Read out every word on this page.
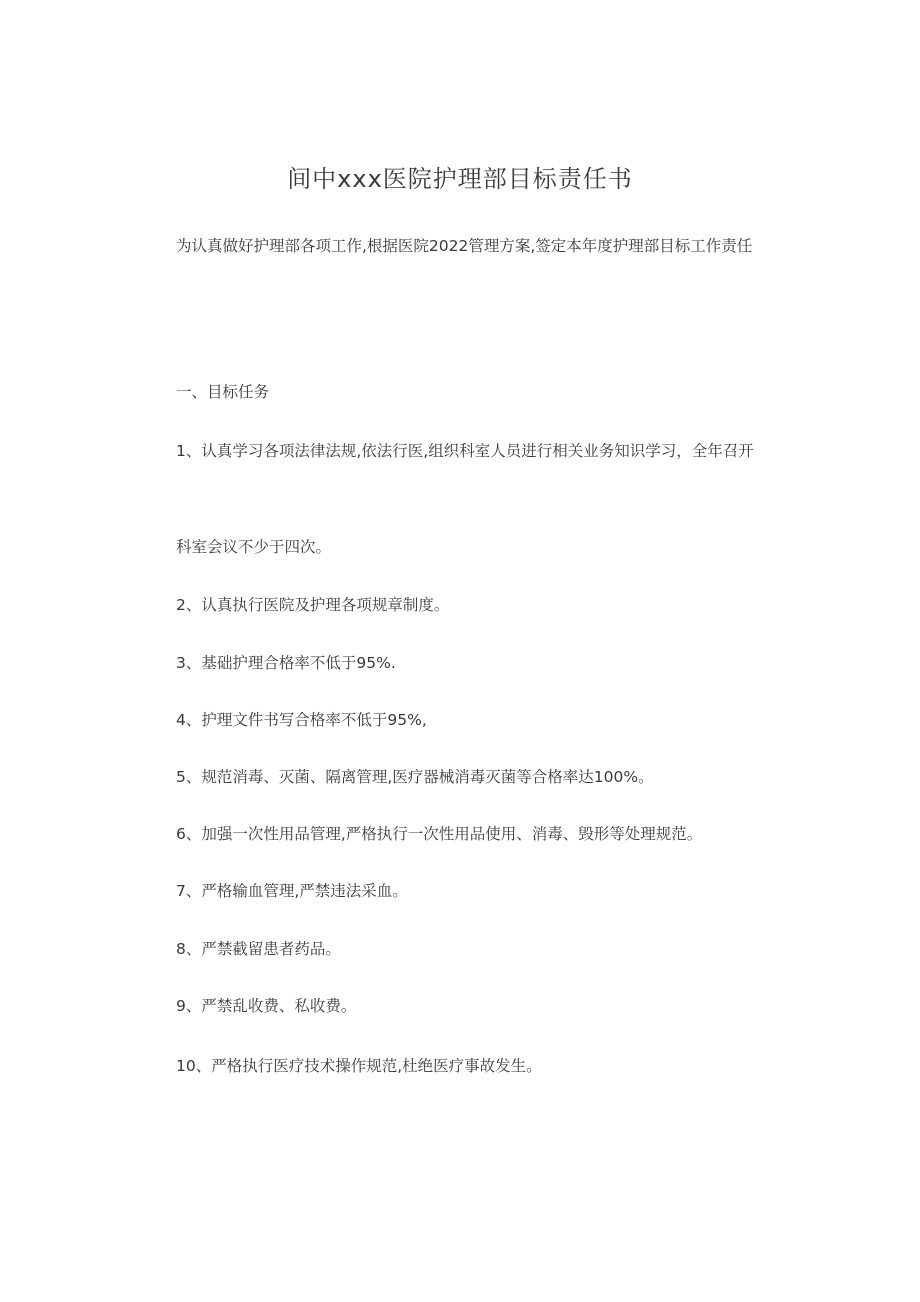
间中xxx医院护理部目标责任书

为认真做好护理部各项工作,根据医院2022管理方案,签定本年度护理部目标工作责任

一、目标任务

1、认真学习各项法律法规,依法行医,组织科室人员进行相关业务知识学习，全年召开

科室会议不少于四次。

2、认真执行医院及护理各项规章制度。

3、基础护理合格率不低于95%.

4、护理文件书写合格率不低于95%,

5、规范消毒、灭菌、隔离管理,医疗器械消毒灭菌等合格率达100%。

6、加强一次性用品管理,严格执行一次性用品使用、消毒、毁形等处理规范。

7、严格输血管理,严禁违法采血。

8、严禁截留患者药品。

9、严禁乱收费、私收费。

10、严格执行医疗技术操作规范,杜绝医疗事故发生。
